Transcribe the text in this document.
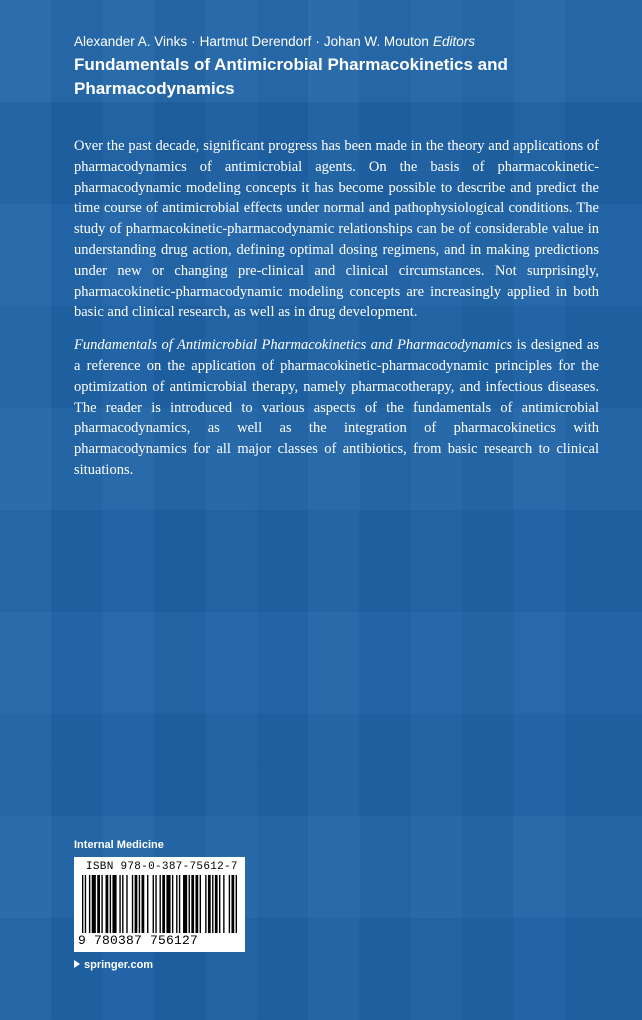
Alexander A. Vinks · Hartmut Derendorf · Johan W. Mouton Editors
Fundamentals of Antimicrobial Pharmacokinetics and
Pharmacodynamics

Over the past decade, significant progress has been made in the theory and applications of pharmacodynamics of antimicrobial agents. On the basis of pharmacokinetic-pharmacodynamic modeling concepts it has become possible to describe and predict the time course of antimicrobial effects under normal and pathophysiological conditions. The study of pharmacokinetic-pharmacodynamic relationships can be of considerable value in understanding drug action, defining optimal dosing regimens, and in making predictions under new or changing pre-clinical and clinical circumstances. Not surprisingly, pharmacokinetic-pharmacodynamic modeling concepts are increasingly applied in both basic and clinical research, as well as in drug development.

Fundamentals of Antimicrobial Pharmacokinetics and Pharmacodynamics is designed as a reference on the application of pharmacokinetic-pharmacodynamic principles for the optimization of antimicrobial therapy, namely pharmacotherapy, and infectious diseases. The reader is introduced to various aspects of the fundamentals of antimicrobial pharmacodynamics, as well as the integration of pharmacokinetics with pharmacodynamics for all major classes of antibiotics, from basic research to clinical situations.

Internal Medicine
ISBN 978-0-387-75612-7
9 780387 756127
springer.com
